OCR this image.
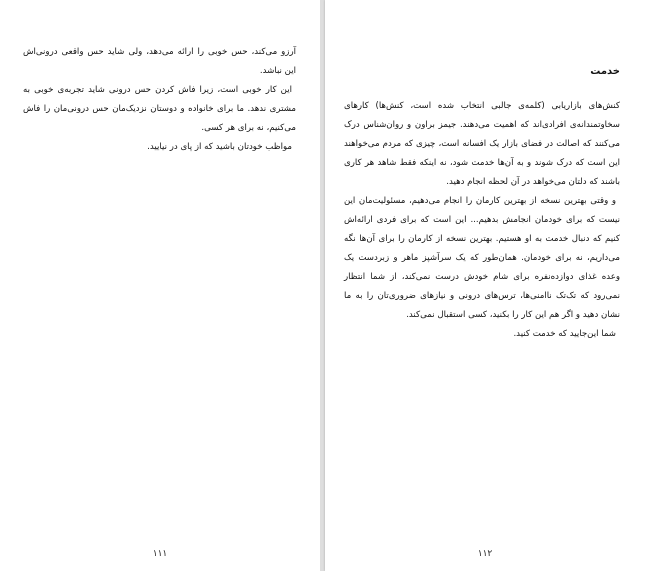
آرزو می‌کند، حس خوبی را ارائه می‌دهد، ولی شاید حس واقعی درونی‌اش این نباشد.

این کار خوبی است، زیرا فاش کردن حس درونی شاید تجربه‌ی خوبی به مشتری ندهد. ما برای خانواده و دوستان نزدیک‌مان حس درونی‌مان را فاش می‌کنیم، نه برای هر کسی.

مواظب خودتان باشید که از پای در نیایید.

۱۱۱
خدمت

کنش‌های بازاریابی (کلمه‌ی جالبی انتخاب شده است، کنش‌ها) کارهای سخاوتمندانه‌ی افرادی‌اند که اهمیت می‌دهند. جیمز براون و روان‌شناس درک می‌کنند که اصالت در فضای بازار یک افسانه است، چیزی که مردم می‌خواهند این است که درک شوند و به آن‌ها خدمت شود، نه اینکه فقط شاهد هر کاری باشند که دلتان می‌خواهد در آن لحظه انجام دهید.

و وقتی بهترین نسخه از بهترین کارمان را انجام می‌دهیم، مسئولیت‌مان این نیست که برای خودمان انجامش بدهیم... این است که برای فردی ارائه‌اش کنیم که دنبال خدمت به او هستیم. بهترین نسخه از کارمان را برای آن‌ها نگه می‌داریم، نه برای خودمان. همان‌طور که یک سرآشپز ماهر و زبردست یک وعده غذای دوازده‌نفره برای شام خودش درست نمی‌کند، از شما انتظار نمی‌رود که تک‌تک ناامنی‌ها، ترس‌های درونی و نیازهای ضروری‌تان را به ما نشان دهید و اگر هم این کار را بکنید، کسی استقبال نمی‌کند.

شما این‌جایید که خدمت کنید.

۱۱۲
